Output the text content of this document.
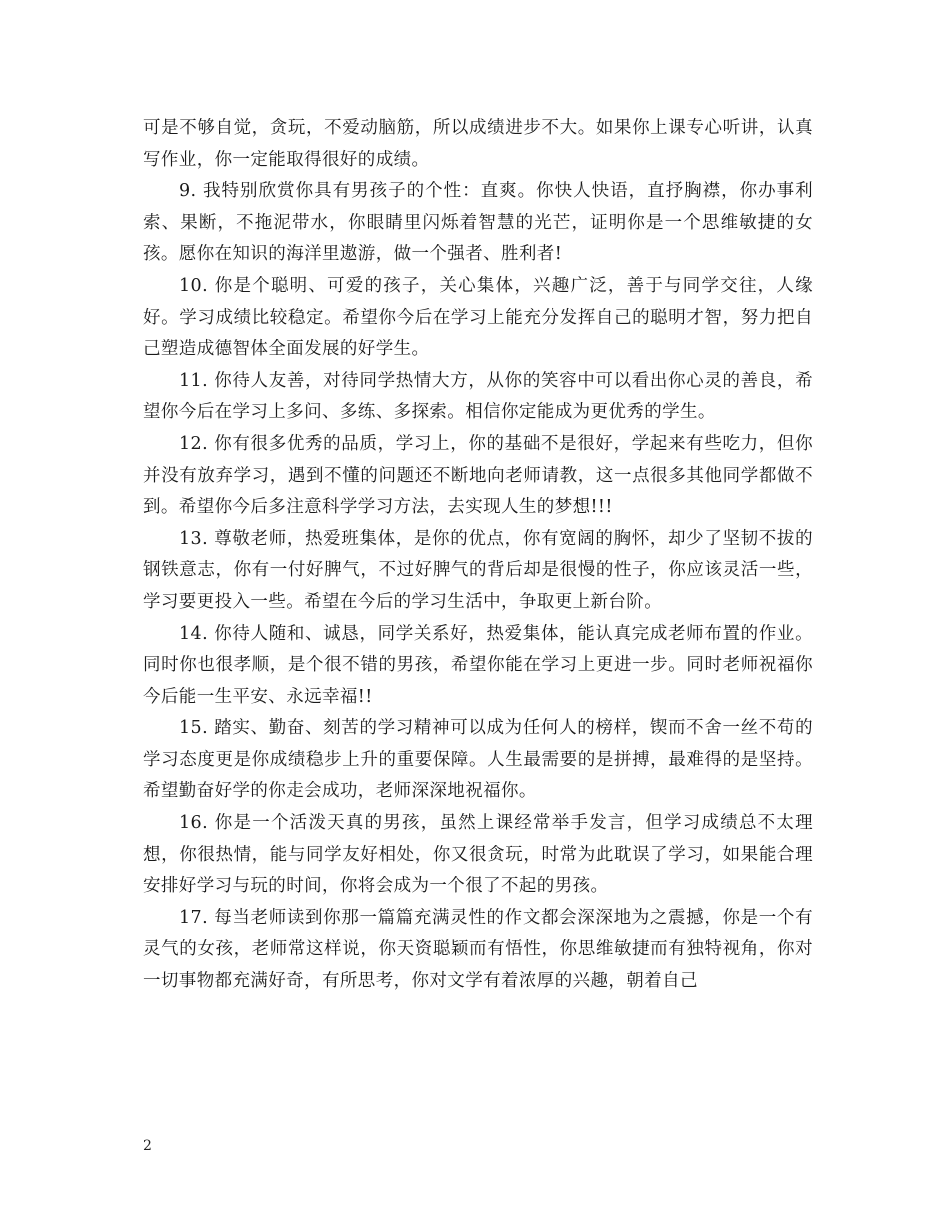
可是不够自觉，贪玩，不爱动脑筋，所以成绩进步不大。如果你上课专心听讲，认真写作业，你一定能取得很好的成绩。

9. 我特别欣赏你具有男孩子的个性：直爽。你快人快语，直抒胸襟，你办事利索、果断，不拖泥带水，你眼睛里闪烁着智慧的光芒，证明你是一个思维敏捷的女孩。愿你在知识的海洋里遨游，做一个强者、胜利者!

10. 你是个聪明、可爱的孩子，关心集体，兴趣广泛，善于与同学交往，人缘好。学习成绩比较稳定。希望你今后在学习上能充分发挥自己的聪明才智，努力把自己塑造成德智体全面发展的好学生。

11. 你待人友善，对待同学热情大方，从你的笑容中可以看出你心灵的善良，希望你今后在学习上多问、多练、多探索。相信你定能成为更优秀的学生。

12. 你有很多优秀的品质，学习上，你的基础不是很好，学起来有些吃力，但你并没有放弃学习，遇到不懂的问题还不断地向老师请教，这一点很多其他同学都做不到。希望你今后多注意科学学习方法，去实现人生的梦想!!!

13. 尊敬老师，热爱班集体，是你的优点，你有宽阔的胸怀，却少了坚韧不拔的钢铁意志，你有一付好脾气，不过好脾气的背后却是很慢的性子，你应该灵活一些，学习要更投入一些。希望在今后的学习生活中，争取更上新台阶。

14. 你待人随和、诚恳，同学关系好，热爱集体，能认真完成老师布置的作业。同时你也很孝顺，是个很不错的男孩，希望你能在学习上更进一步。同时老师祝福你今后能一生平安、永远幸福!!

15. 踏实、勤奋、刻苦的学习精神可以成为任何人的榜样，锲而不舍一丝不苟的学习态度更是你成绩稳步上升的重要保障。人生最需要的是拼搏，最难得的是坚持。希望勤奋好学的你走会成功，老师深深地祝福你。

16. 你是一个活泼天真的男孩，虽然上课经常举手发言，但学习成绩总不太理想，你很热情，能与同学友好相处，你又很贪玩，时常为此耽误了学习，如果能合理安排好学习与玩的时间，你将会成为一个很了不起的男孩。

17. 每当老师读到你那一篇篇充满灵性的作文都会深深地为之震撼，你是一个有灵气的女孩，老师常这样说，你天资聪颖而有悟性，你思维敏捷而有独特视角，你对一切事物都充满好奇，有所思考，你对文学有着浓厚的兴趣，朝着自己

2
